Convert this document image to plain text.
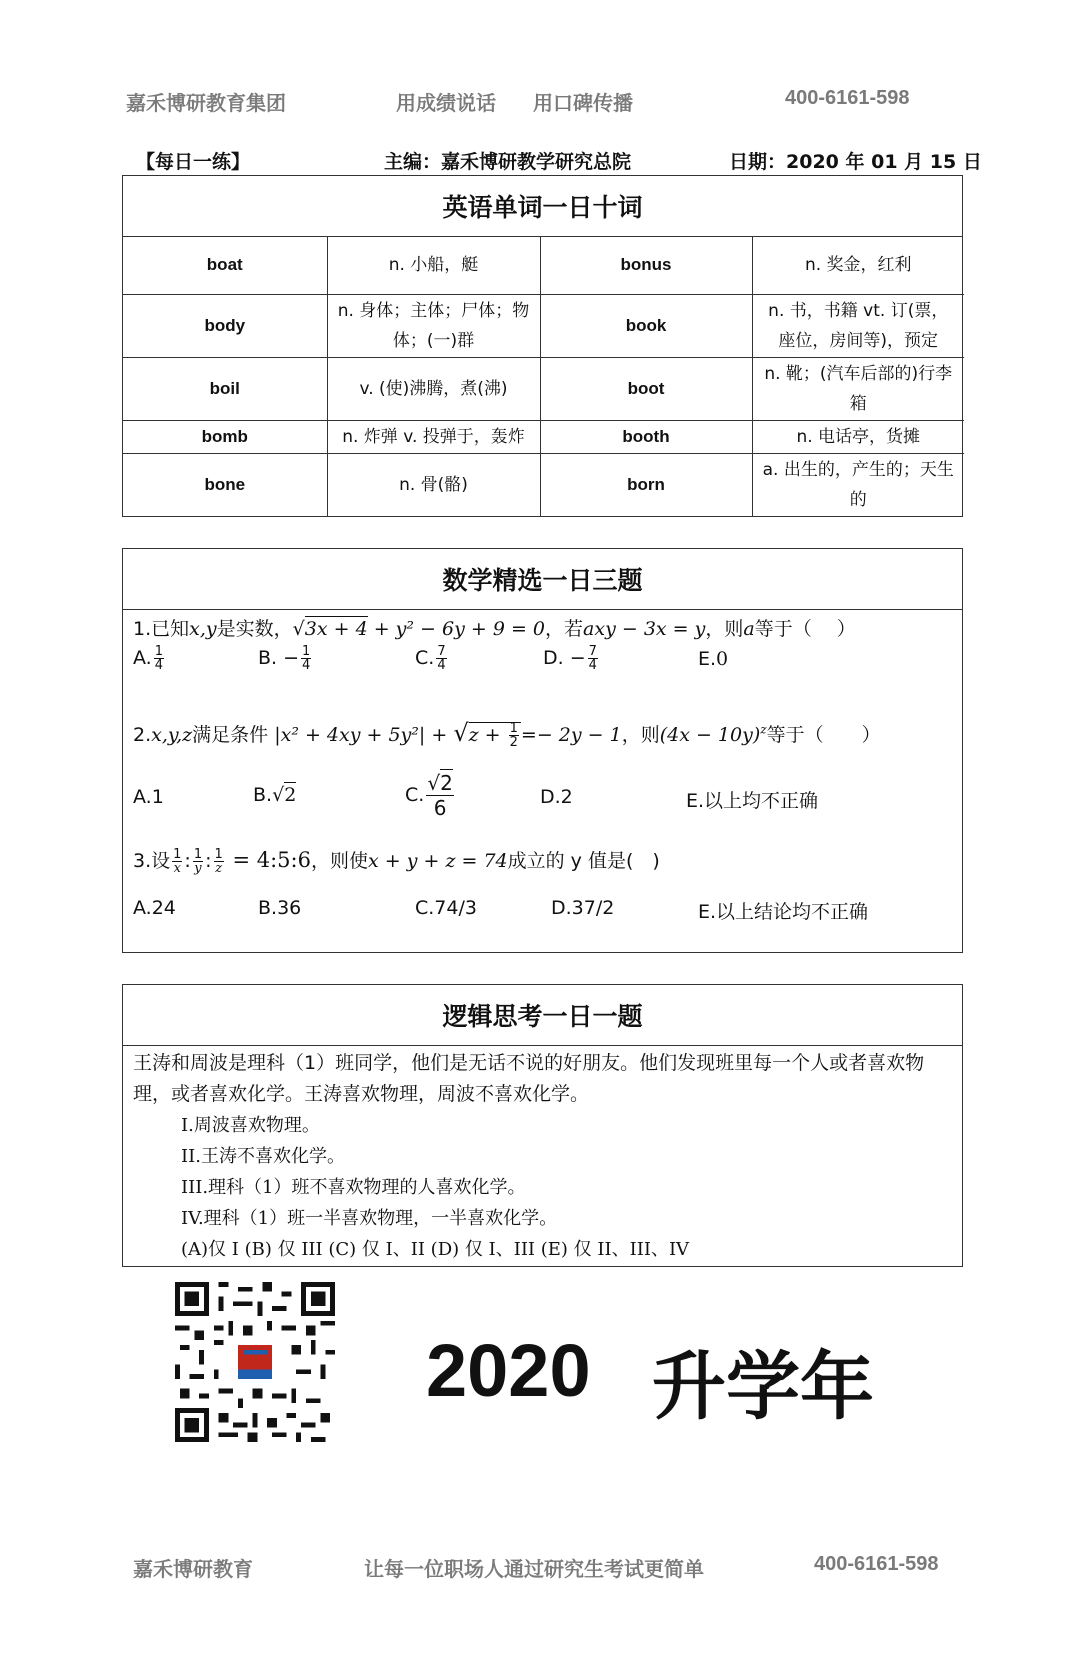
嘉禾博研教育集团	用成绩说话 用口碑传播	400-6161-598
【每日一练】	主编：嘉禾博研教学研究总院	日期：2020 年 01 月 15 日
英语单词一日十词
boat	n. 小船，艇	bonus	n. 奖金，红利
body	n. 身体；主体；尸体；物体；(一)群	book	n. 书，书籍 vt. 订(票，座位，房间等)，预定
boil	v. (使)沸腾，煮(沸)	boot	n. 靴；(汽车后部的)行李箱
bomb	n. 炸弹 v. 投弹于，轰炸	booth	n. 电话亭，货摊
bone	n. 骨(骼)	born	a. 出生的，产生的；天生的
数学精选一日三题
1.已知x,y是实数，√3x + 4 + y² − 6y + 9 = 0，若axy − 3x = y，则a等于（　 ）
A. $\frac{1}{4}$	B. − $\frac{1}{4}$	C. $\frac{7}{4}$	D. − $\frac{7}{4}$	E.0
2.x,y,z满足条件 $|x^2 + 4xy + 5y^2| + √z + \frac{1}{2} =- 2y - 1$，则$(4x - 10y)^z$等于（　　）
A.1	B.√2	C. $\frac{√2}{6}$	D.2	E.以上均不正确
3.设 $\frac{1}{x}$ : $\frac{1}{y}$ : $\frac{1}{z}$ = 4:5:6，则使x + y + z = 74成立的 y 值是(　)
A.24	B.36	C.74/3	D.37/2	E.以上结论均不正确
逻辑思考一日一题

王涛和周波是理科（1）班同学，他们是无话不说的好朋友。他们发现班里每一个人或者喜欢物理，或者喜欢化学。王涛喜欢物理，周波不喜欢化学。

I.周波喜欢物理。

II.王涛不喜欢化学。

III.理科（1）班不喜欢物理的人喜欢化学。

IV.理科（1）班一半喜欢物理，一半喜欢化学。

(A)仅 I (B) 仅 III (C) 仅 I、II (D) 仅 I、III (E) 仅 II、III、IV

2020 升学年
嘉禾博研教育	让每一位职场人通过研究生考试更简单	400-6161-598
